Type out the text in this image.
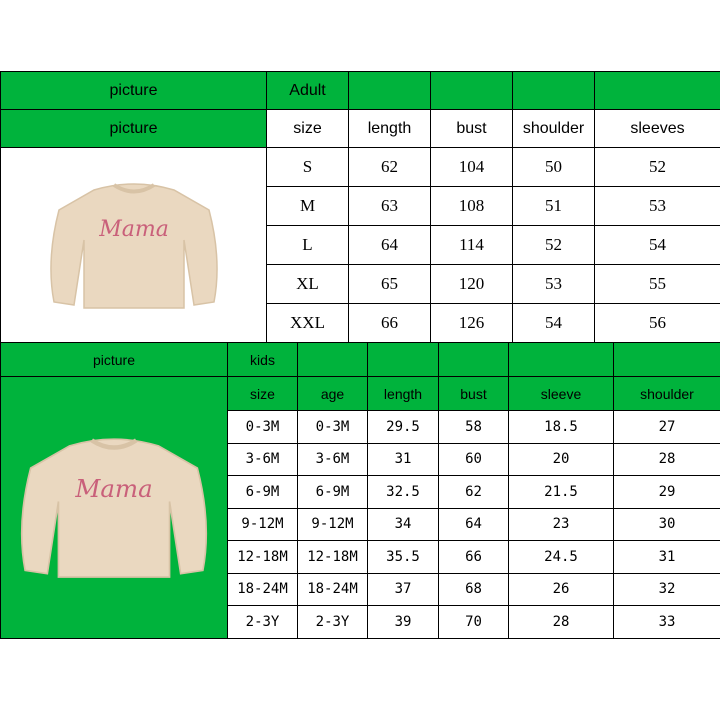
picture	Adult				
picture	size	length	bust	shoulder	sleeves

Mama	S	62	104	50	52
	M	63	108	51	53
	L	64	114	52	54
	XL	65	120	53	55
	XXL	66	126	54	56
picture	kids					

Mama	size	age	length	bust	sleeve	shoulder
	0-3M	0-3M	29.5	58	18.5	27
	3-6M	3-6M	31	60	20	28
	6-9M	6-9M	32.5	62	21.5	29
	9-12M	9-12M	34	64	23	30
	12-18M	12-18M	35.5	66	24.5	31
	18-24M	18-24M	37	68	26	32
	2-3Y	2-3Y	39	70	28	33
